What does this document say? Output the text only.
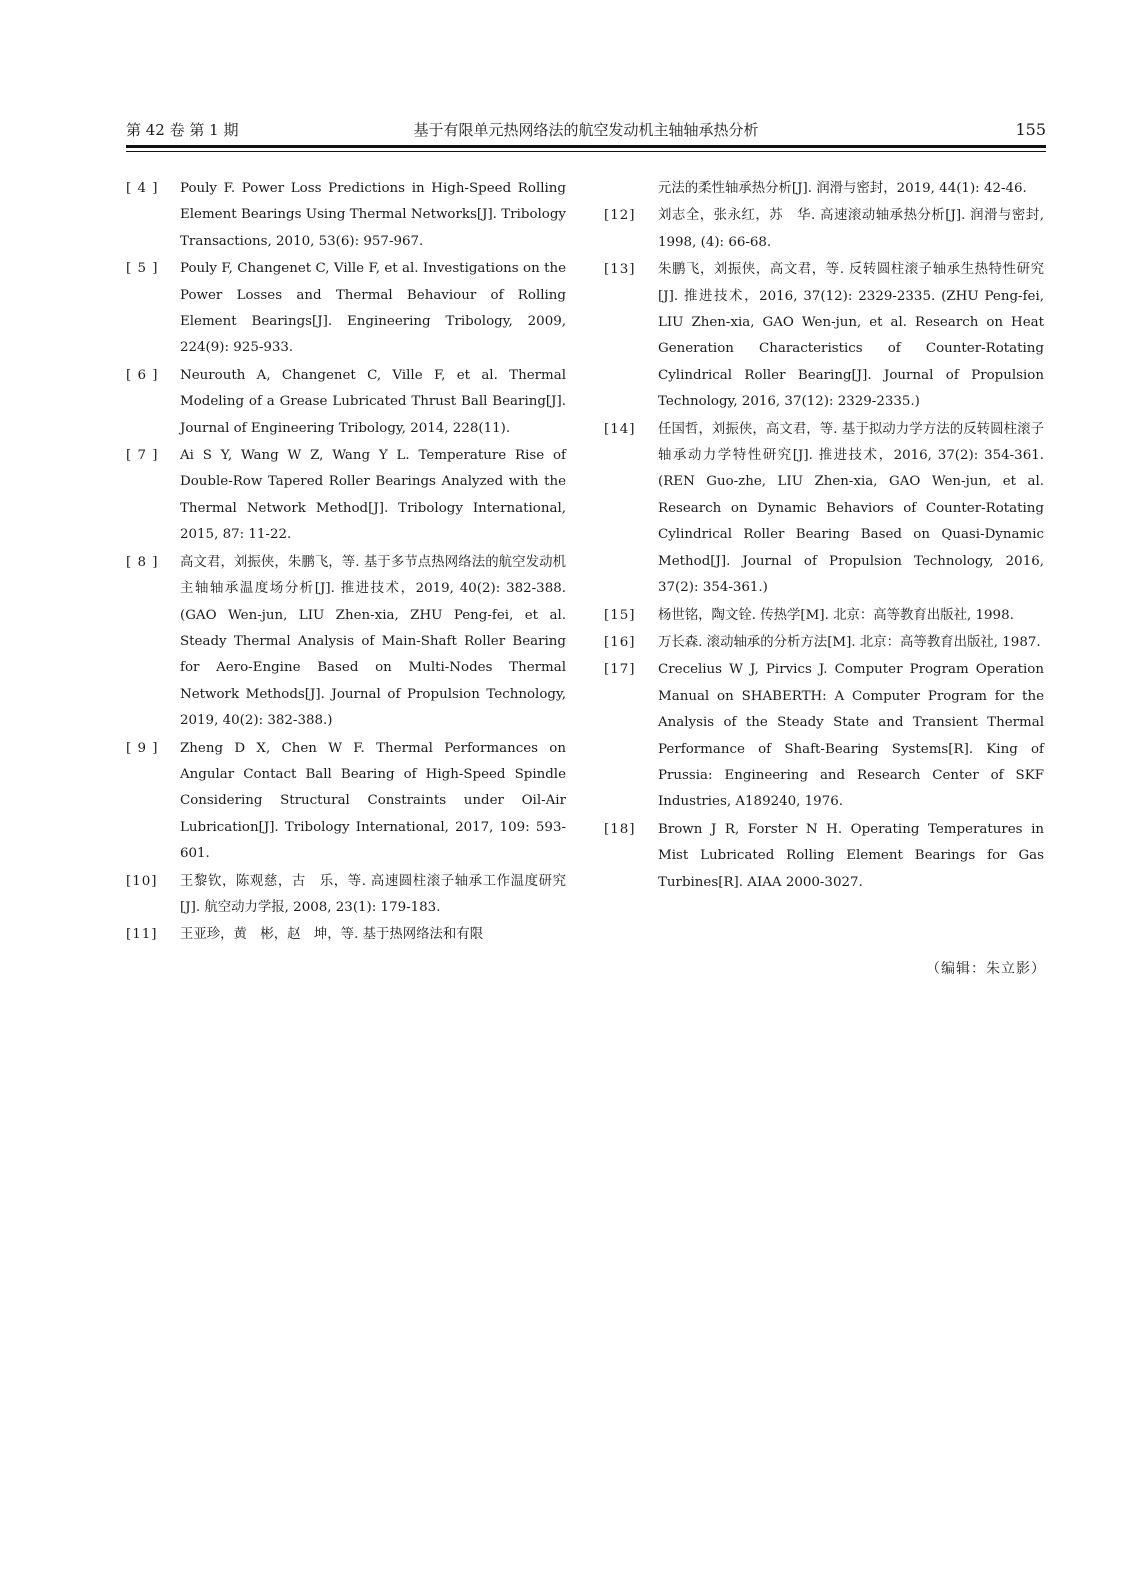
第 42 卷 第 1 期	基于有限单元热网络法的航空发动机主轴轴承热分析	155
[ 4 ]	Pouly F. Power Loss Predictions in High-Speed Rolling Element Bearings Using Thermal Networks[J]. Tribology Transactions, 2010, 53(6): 957-967.
[ 5 ]	Pouly F, Changenet C, Ville F, et al. Investigations on the Power Losses and Thermal Behaviour of Rolling Element Bearings[J]. Engineering Tribology, 2009, 224(9): 925-933.
[ 6 ]	Neurouth A, Changenet C, Ville F, et al. Thermal Modeling of a Grease Lubricated Thrust Ball Bearing[J]. Journal of Engineering Tribology, 2014, 228(11).
[ 7 ]	Ai S Y, Wang W Z, Wang Y L. Temperature Rise of Double-Row Tapered Roller Bearings Analyzed with the Thermal Network Method[J]. Tribology International, 2015, 87: 11-22.
[ 8 ]	高文君，刘振侠，朱鹏飞，等. 基于多节点热网络法的航空发动机主轴轴承温度场分析[J]. 推进技术，2019, 40(2): 382-388. (GAO Wen-jun, LIU Zhen-xia, ZHU Peng-fei, et al. Steady Thermal Analysis of Main-Shaft Roller Bearing for Aero-Engine Based on Multi-Nodes Thermal Network Methods[J]. Journal of Propulsion Technology, 2019, 40(2): 382-388.)
[ 9 ]	Zheng D X, Chen W F. Thermal Performances on Angular Contact Ball Bearing of High-Speed Spindle Considering Structural Constraints under Oil-Air Lubrication[J]. Tribology International, 2017, 109: 593-601.
[10]	王黎钦，陈观慈，古　乐，等. 高速圆柱滚子轴承工作温度研究[J]. 航空动力学报, 2008, 23(1): 179-183.
[11]	王亚珍，黄　彬，赵　坤，等. 基于热网络法和有限
元法的柔性轴承热分析[J]. 润滑与密封，2019, 44(1): 42-46.
[12]	刘志全，张永红，苏　华. 高速滚动轴承热分析[J]. 润滑与密封, 1998, (4): 66-68.
[13]	朱鹏飞，刘振侠，高文君，等. 反转圆柱滚子轴承生热特性研究[J]. 推进技术，2016, 37(12): 2329-2335. (ZHU Peng-fei, LIU Zhen-xia, GAO Wen-jun, et al. Research on Heat Generation Characteristics of Counter-Rotating Cylindrical Roller Bearing[J]. Journal of Propulsion Technology, 2016, 37(12): 2329-2335.)
[14]	任国哲，刘振侠，高文君，等. 基于拟动力学方法的反转圆柱滚子轴承动力学特性研究[J]. 推进技术，2016, 37(2): 354-361. (REN Guo-zhe, LIU Zhen-xia, GAO Wen-jun, et al. Research on Dynamic Behaviors of Counter-Rotating Cylindrical Roller Bearing Based on Quasi-Dynamic Method[J]. Journal of Propulsion Technology, 2016, 37(2): 354-361.)
[15]	杨世铭，陶文铨. 传热学[M]. 北京：高等教育出版社, 1998.
[16]	万长森. 滚动轴承的分析方法[M]. 北京：高等教育出版社, 1987.
[17]	Crecelius W J, Pirvics J. Computer Program Operation Manual on SHABERTH: A Computer Program for the Analysis of the Steady State and Transient Thermal Performance of Shaft-Bearing Systems[R]. King of Prussia: Engineering and Research Center of SKF Industries, A189240, 1976.
[18]	Brown J R, Forster N H. Operating Temperatures in Mist Lubricated Rolling Element Bearings for Gas Turbines[R]. AIAA 2000-3027.
（编辑：朱立影）
